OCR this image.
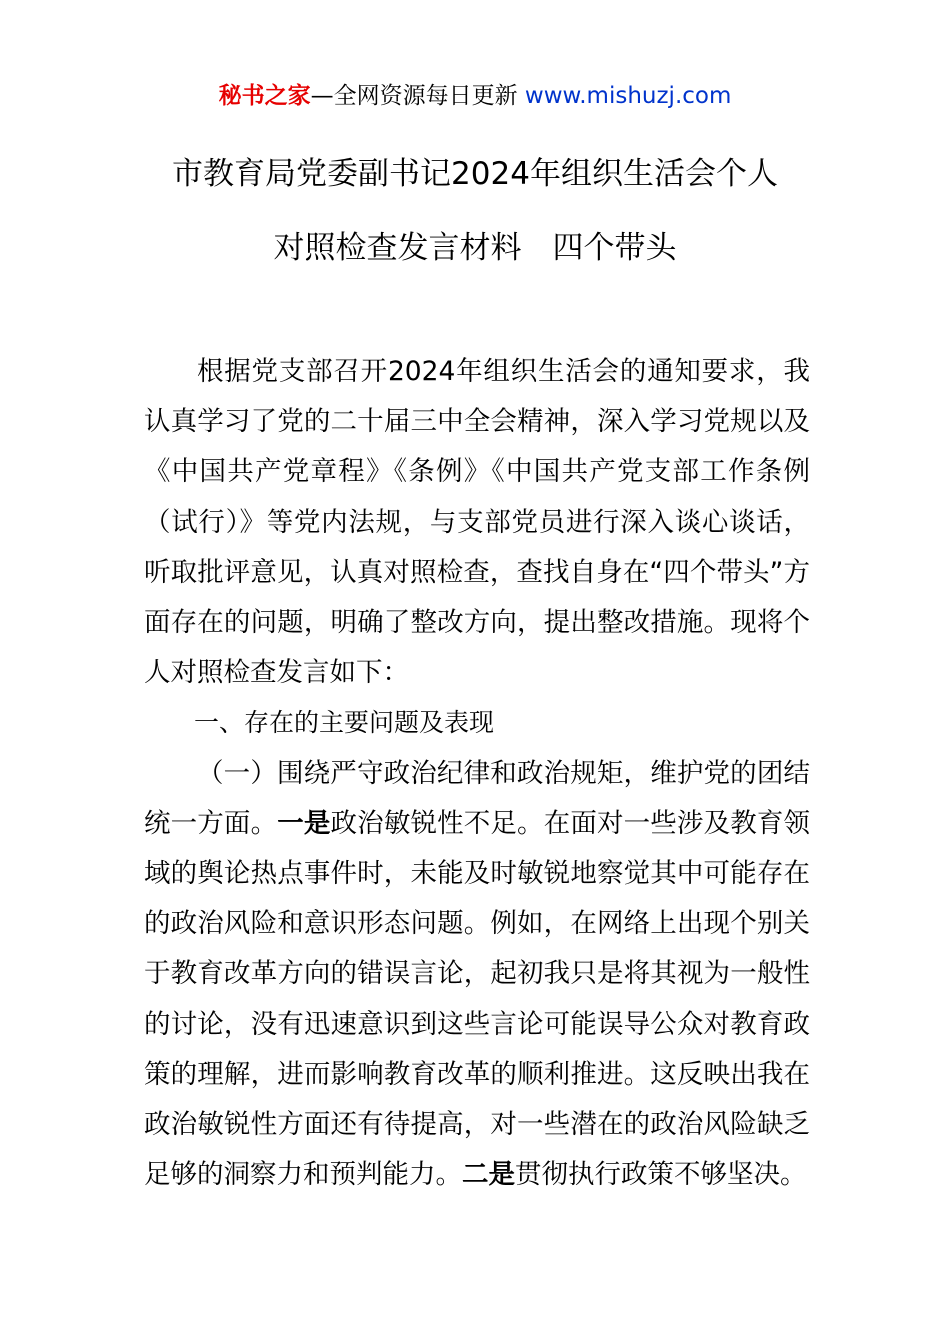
秘书之家—全网资源每日更新 www.mishuzj.com
市教育局党委副书记2024年组织生活会个人
对照检查发言材料　四个带头

根据党支部召开2024年组织生活会的通知要求，我认真学习了党的二十届三中全会精神，深入学习党规以及《中国共产党章程》《条例》《中国共产党支部工作条例（试行）》等党内法规，与支部党员进行深入谈心谈话，听取批评意见，认真对照检查，查找自身在“四个带头”方面存在的问题，明确了整改方向，提出整改措施。现将个人对照检查发言如下：

一、存在的主要问题及表现

（一）围绕严守政治纪律和政治规矩，维护党的团结统一方面。一是政治敏锐性不足。在面对一些涉及教育领域的舆论热点事件时，未能及时敏锐地察觉其中可能存在的政治风险和意识形态问题。例如，在网络上出现个别关于教育改革方向的错误言论，起初我只是将其视为一般性的讨论，没有迅速意识到这些言论可能误导公众对教育政策的理解，进而影响教育改革的顺利推进。这反映出我在政治敏锐性方面还有待提高，对一些潜在的政治风险缺乏足够的洞察力和预判能力。二是贯彻执行政策不够坚决。
